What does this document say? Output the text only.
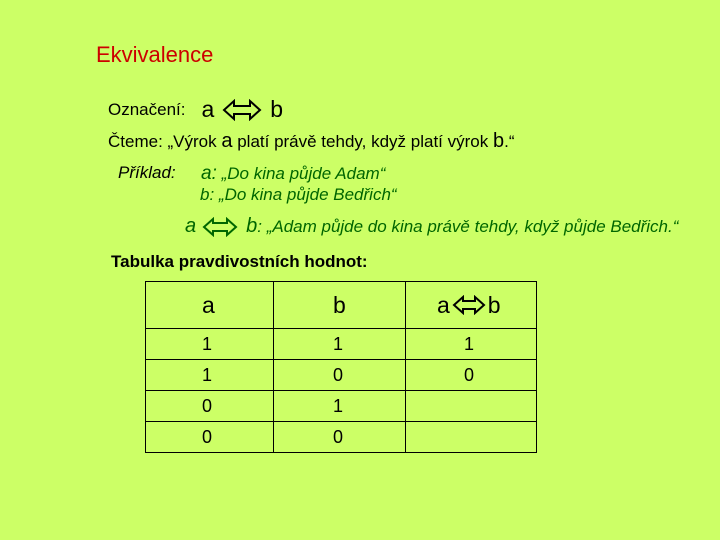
Ekvivalence
Označení: a b
Čteme: „Výrok a platí právě tehdy, když platí výrok b.“
Příklad: a: „Do kina půjde Adam“
b: „Do kina půjde Bedřich“
a	b : „Adam půjde do kina právě tehdy, když půjde Bedřich.“
Tabulka pravdivostních hodnot:
a	b	a b

1	1	1
1	0	0
0	1	
0	0	
